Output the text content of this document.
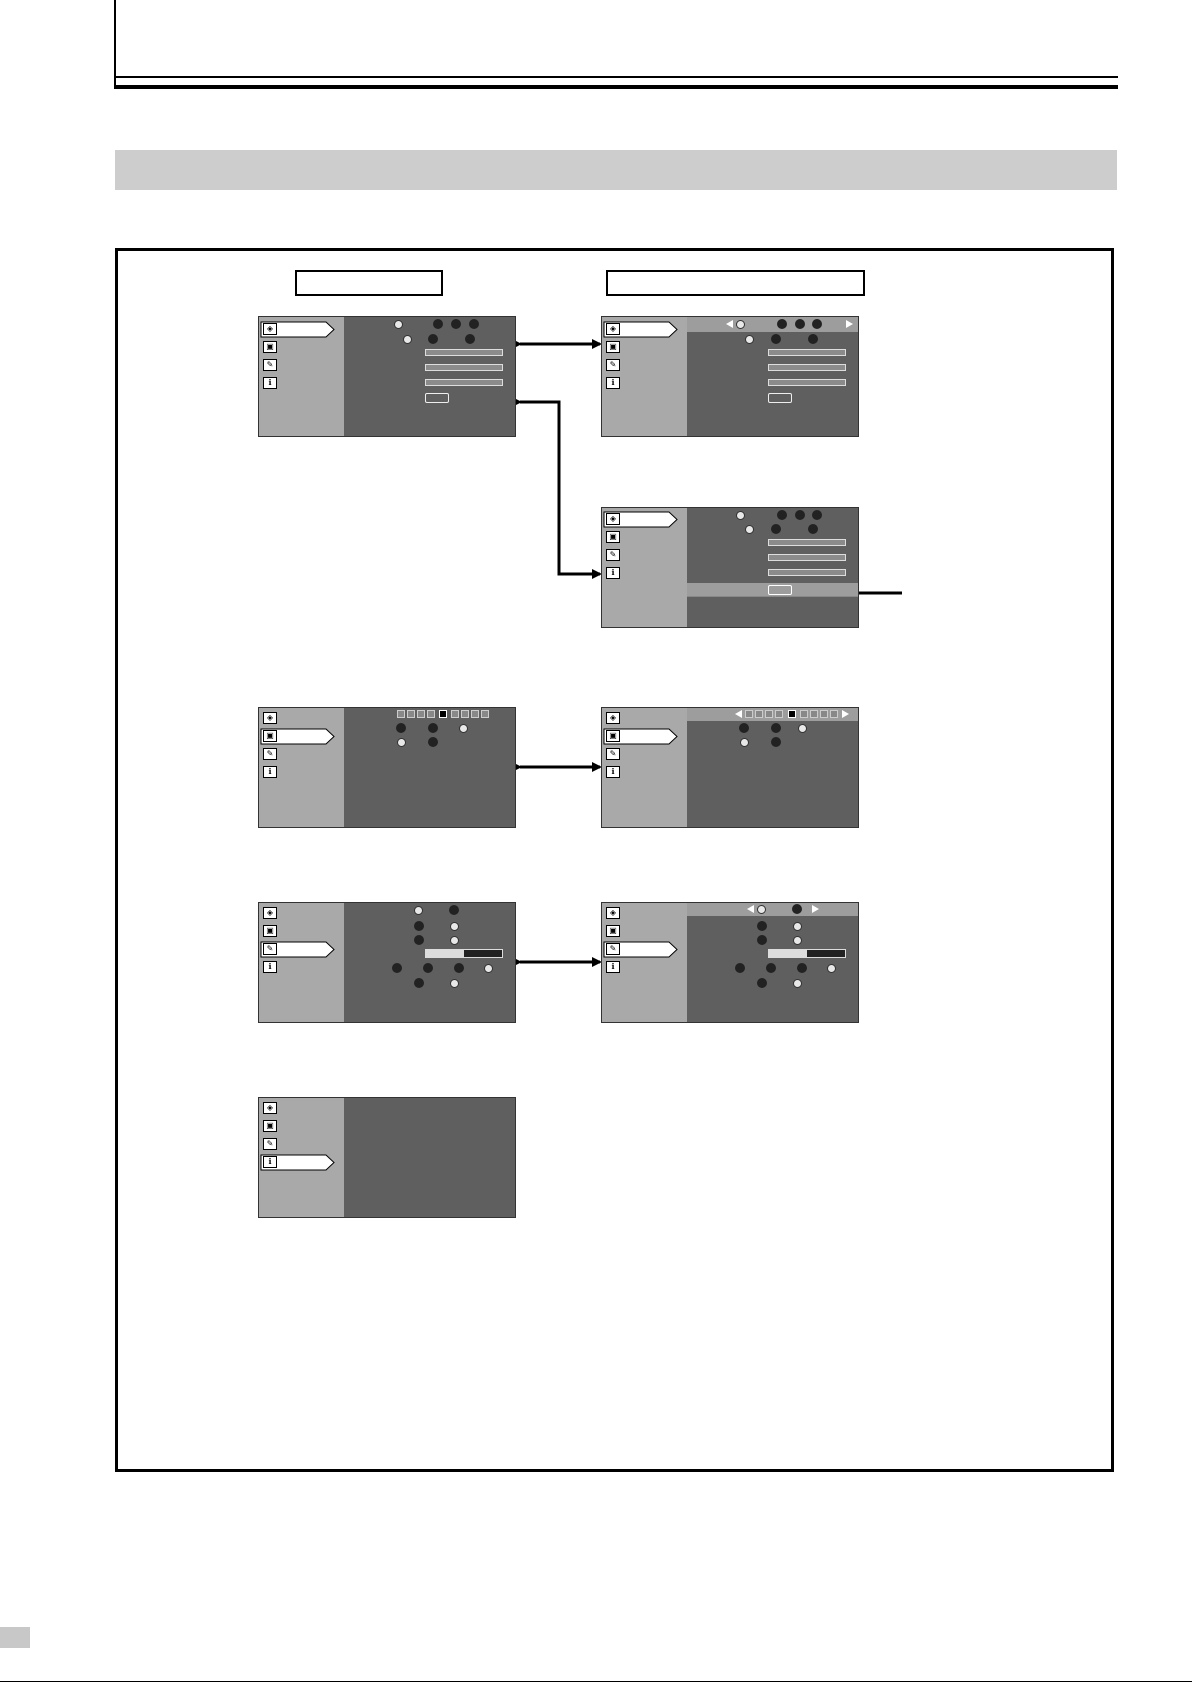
◈
▣
✎
ℹ
◈
▣
✎
ℹ
◈
▣
✎
ℹ
◈
▣
✎
ℹ
◈
▣
✎
ℹ
◈
▣
✎
ℹ
◈
▣
✎
ℹ
◈
▣
✎
ℹ
